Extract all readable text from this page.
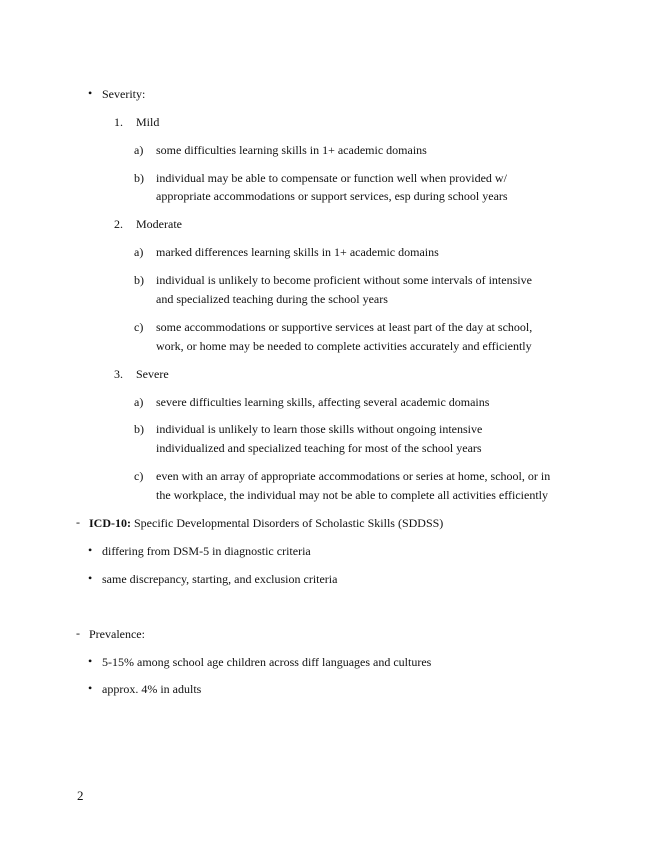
• Severity:
1. Mild
a) some difficulties learning skills in 1+ academic domains
b) individual may be able to compensate or function well when provided w/
appropriate accommodations or support services, esp during school years
2. Moderate
a) marked differences learning skills in 1+ academic domains
b) individual is unlikely to become proficient without some intervals of intensive
and specialized teaching during the school years
c) some accommodations or supportive services at least part of the day at school,
work, or home may be needed to complete activities accurately and efficiently
3. Severe
a) severe difficulties learning skills, affecting several academic domains
b) individual is unlikely to learn those skills without ongoing intensive
individualized and specialized teaching for most of the school years
c) even with an array of appropriate accommodations or series at home, school, or in
the workplace, the individual may not be able to complete all activities efficiently
- ICD-10: Specific Developmental Disorders of Scholastic Skills (SDDSS)
• differing from DSM-5 in diagnostic criteria
• same discrepancy, starting, and exclusion criteria
- Prevalence:
• 5-15% among school age children across diff languages and cultures
• approx. 4% in adults
2
